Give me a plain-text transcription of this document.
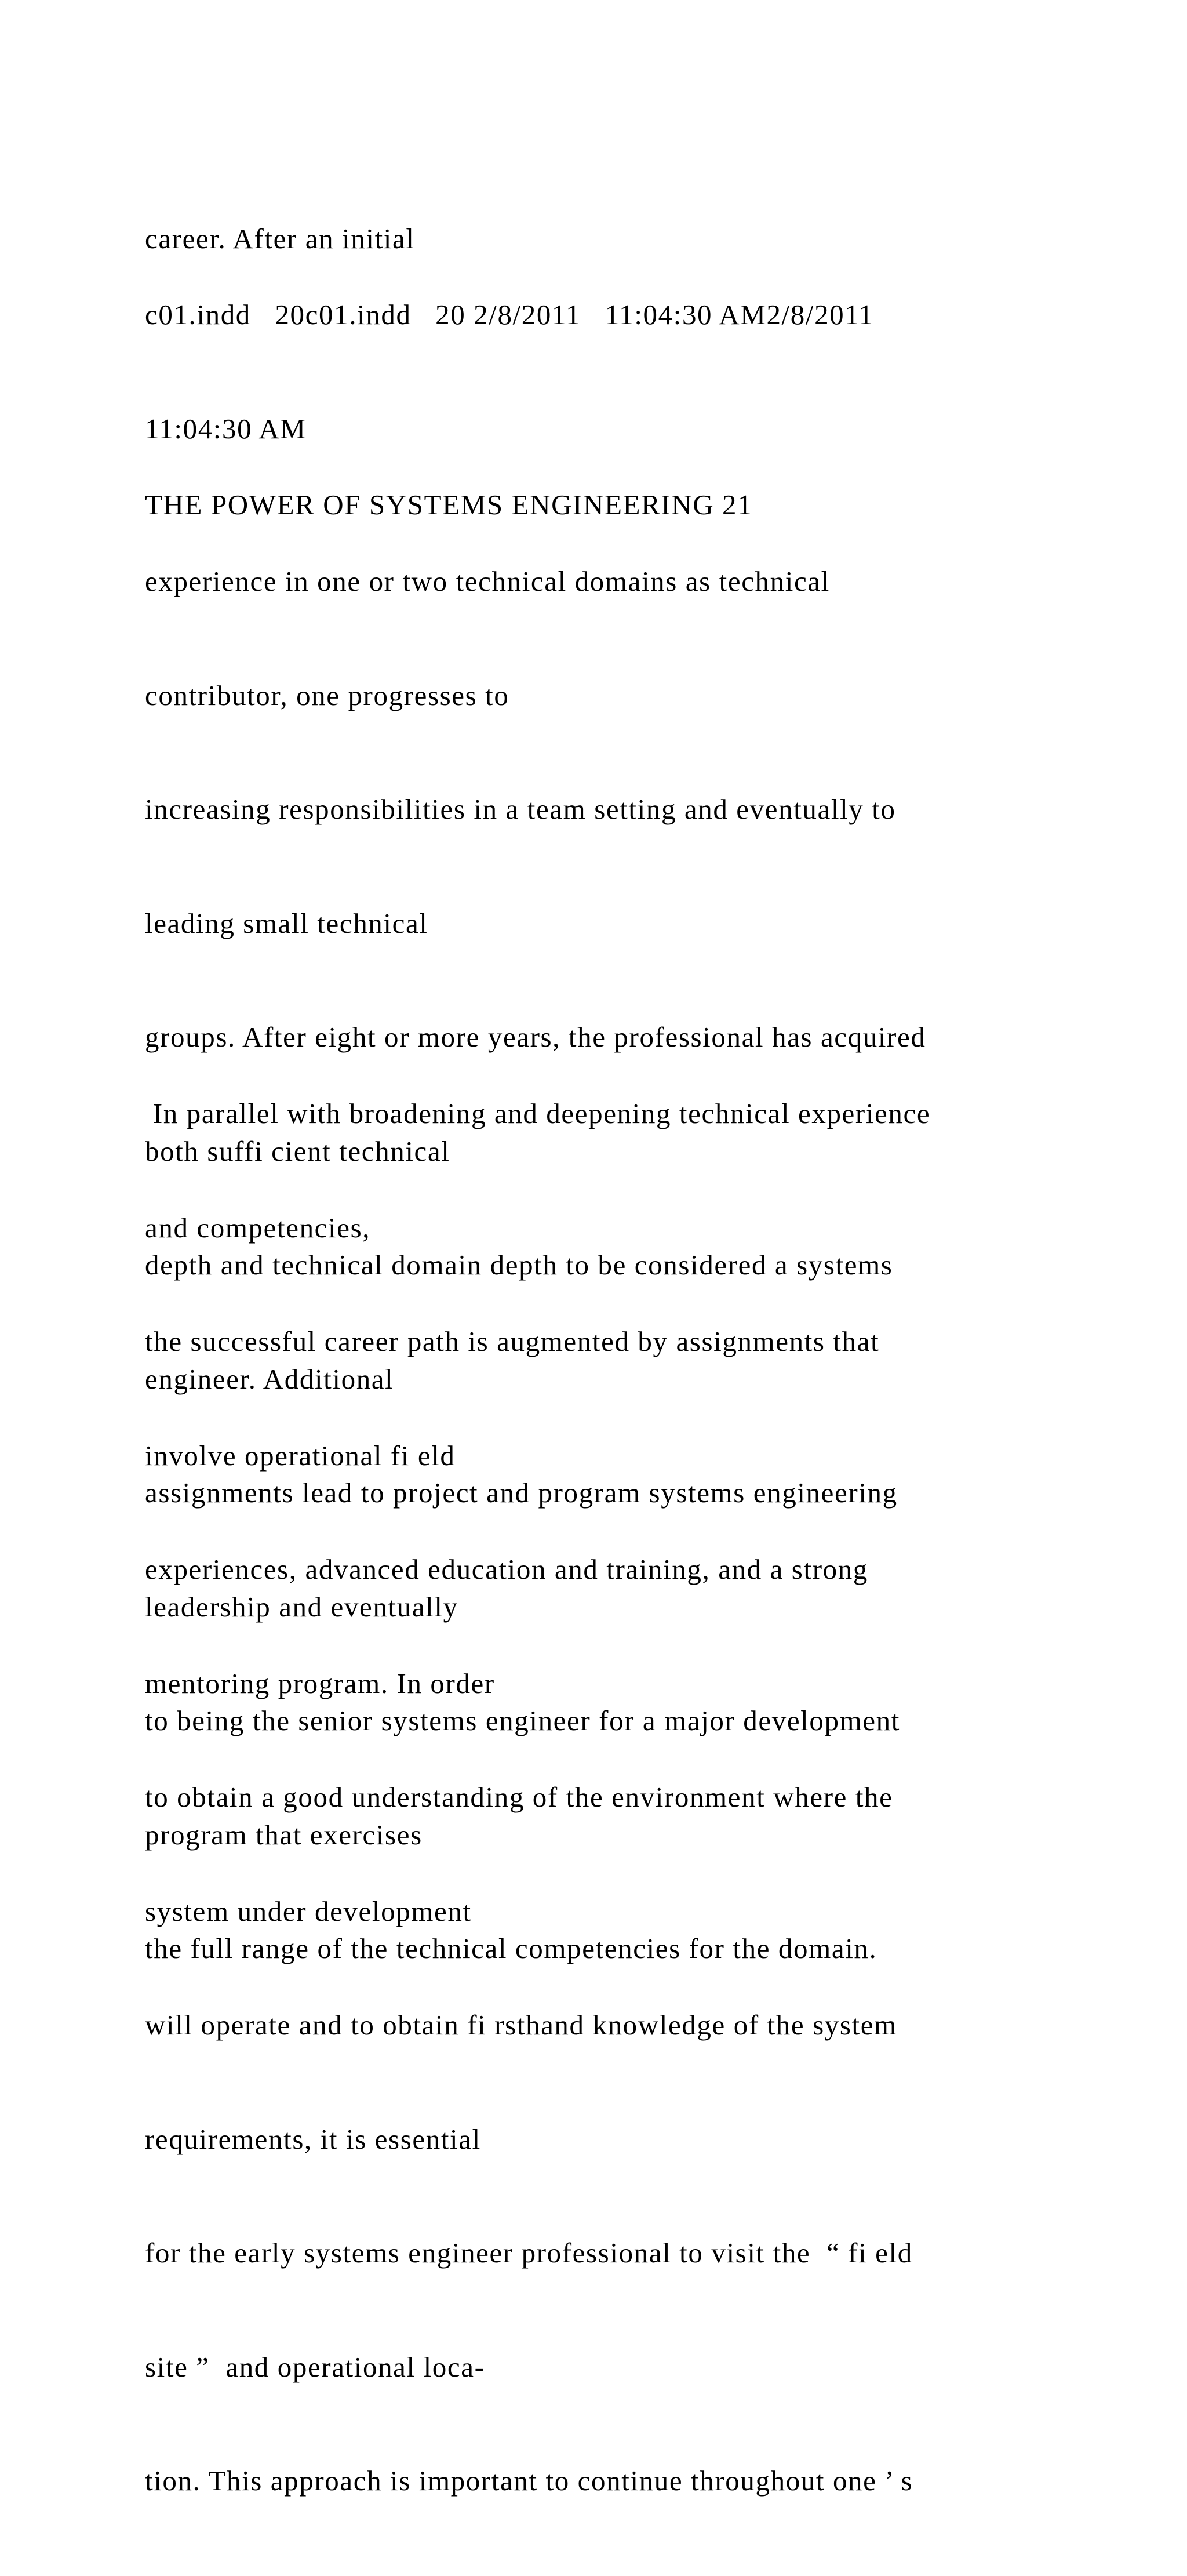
career. After an initial

c01.indd   20c01.indd   20 2/8/2011   11:04:30 AM2/8/2011

11:04:30 AM

THE POWER OF SYSTEMS ENGINEERING 21

experience in one or two technical domains as technical

contributor, one progresses to

increasing responsibilities in a team setting and eventually to

leading small technical

groups. After eight or more years, the professional has acquired

both suffi cient technical

depth and technical domain depth to be considered a systems

engineer. Additional

assignments lead to project and program systems engineering

leadership and eventually

to being the senior systems engineer for a major development

program that exercises

the full range of the technical competencies for the domain.

In parallel with broadening and deepening technical experience

and competencies,

the successful career path is augmented by assignments that

involve operational fi eld

experiences, advanced education and training, and a strong

mentoring program. In order

to obtain a good understanding of the environment where the

system under development

will operate and to obtain fi rsthand knowledge of the system

requirements, it is essential

for the early systems engineer professional to visit the  “ fi eld

site ”  and operational loca-

tion. This approach is important to continue throughout one ’ s
